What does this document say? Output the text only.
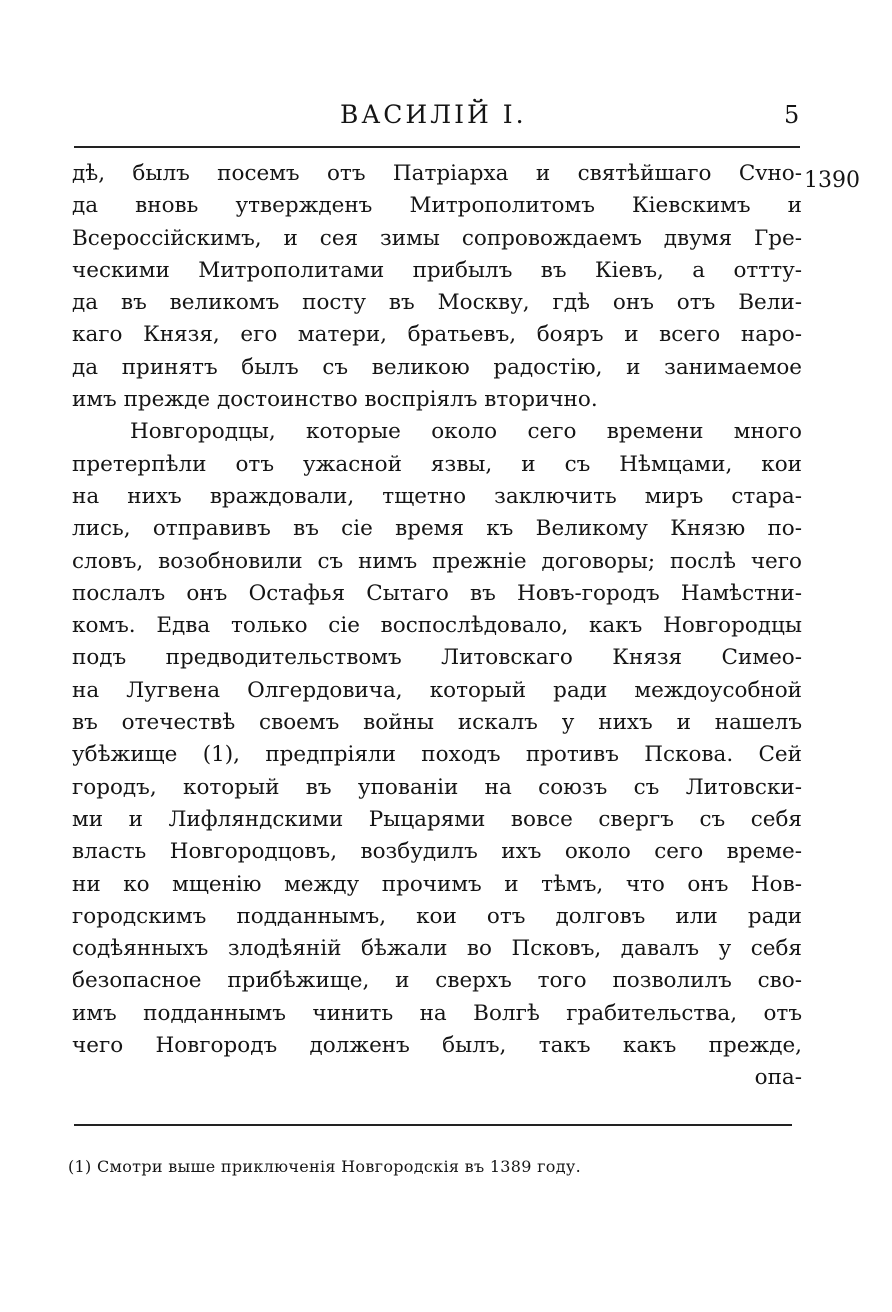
ВАСИЛІЙ I.	5
1390
дѣ, былъ посемъ отъ Патріарха и святѣйшаго Сvно-
да вновь утвержденъ Митрополитомъ Кіевскимъ и
Всероссійскимъ, и сея зимы сопровождаемъ двумя Гре-
ческими Митрополитами прибылъ въ Кіевъ, а оттту-
да въ великомъ посту въ Москву, гдѣ онъ отъ Вели-
каго Князя, его матери, братьевъ, бояръ и всего наро-
да принятъ былъ съ великою радостію, и занимаемое
имъ прежде достоинство воспріялъ вторично.
Новгородцы, которые около сего времени много
претерпѣли отъ ужасной язвы, и съ Нѣмцами, кои
на нихъ враждовали, тщетно заключить миръ стара-
лись, отправивъ въ сіе время къ Великому Князю по-
словъ, возобновили съ нимъ прежніе договоры; послѣ чего
послалъ онъ Остафья Сытаго въ Новъ-городъ Намѣстни-
комъ. Едва только сіе воспослѣдовало, какъ Новгородцы
подъ предводительствомъ Литовскаго Князя Симео-
на Лугвена Олгердовича, который ради междоусобной
въ отечествѣ своемъ войны искалъ у нихъ и нашелъ
убѣжище (1), предпріяли походъ противъ Пскова. Сей
городъ, который въ упованіи на союзъ съ Литовски-
ми и Лифляндскими Рыцарями вовсе свергъ съ себя
власть Новгородцовъ, возбудилъ ихъ около сего време-
ни ко мщенію между прочимъ и тѣмъ, что онъ Нов-
городскимъ подданнымъ, кои отъ долговъ или ради
содѣянныхъ злодѣяній бѣжали во Псковъ, давалъ у себя
безопасное прибѣжище, и сверхъ того позволилъ сво-
имъ подданнымъ чинить на Волгѣ грабительства, отъ
чего Новгородъ долженъ былъ, такъ какъ прежде,
опа-
(1) Смотри выше приключенія Новгородскія въ 1389 году.
